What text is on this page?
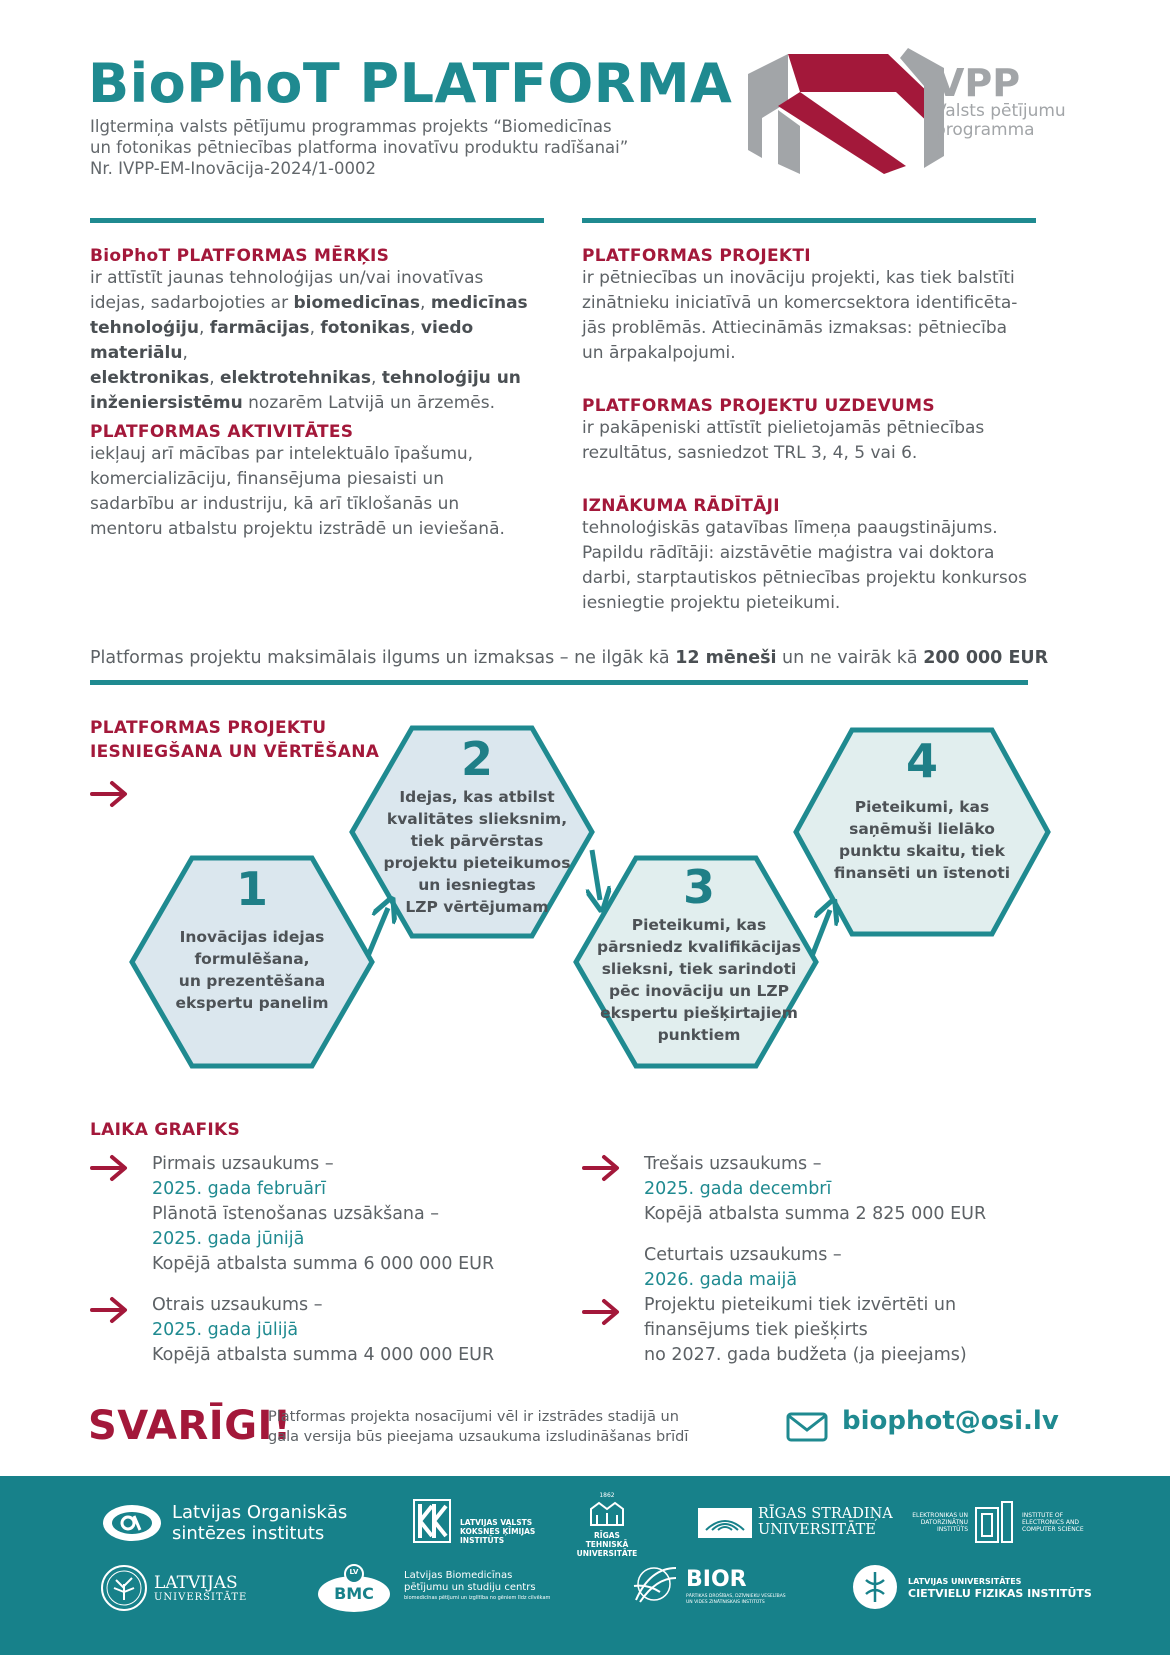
BioPhoT PLATFORMA
Ilgtermiņa valsts pētījumu programmas projekts “Biomedicīnas
un fotonikas pētniecības platforma inovatīvu produktu radīšanai”
Nr. IVPP-EM-Inovācija-2024/1-0002
VPP
Valsts pētījumu
programma
BioPhoT PLATFORMAS MĒRĶIS
ir attīstīt jaunas tehnoloģijas un/vai inovatīvas
idejas, sadarbojoties ar biomedicīnas, medicīnas
tehnoloģiju, farmācijas, fotonikas, viedo materiālu,
elektronikas, elektrotehnikas, tehnoloģiju un
inženiersistēmu nozarēm Latvijā un ārzemēs.
PLATFORMAS AKTIVITĀTES
iekļauj arī mācības par intelektuālo īpašumu,
komercializāciju, finansējuma piesaisti un
sadarbību ar industriju, kā arī tīklošanās un
mentoru atbalstu projektu izstrādē un ieviešanā.
PLATFORMAS PROJEKTI
ir pētniecības un inovāciju projekti, kas tiek balstīti
zinātnieku iniciatīvā un komercsektora identificēta-
jās problēmās. Attiecināmās izmaksas: pētniecība
un ārpakalpojumi.
PLATFORMAS PROJEKTU UZDEVUMS
ir pakāpeniski attīstīt pielietojamās pētniecības
rezultātus, sasniedzot TRL 3, 4, 5 vai 6.
IZNĀKUMA RĀDĪTĀJI
tehnoloģiskās gatavības līmeņa paaugstinājums.
Papildu rādītāji: aizstāvētie maģistra vai doktora
darbi, starptautiskos pētniecības projektu konkursos
iesniegtie projektu pieteikumi.
Platformas projektu maksimālais ilgums un izmaksas – ne ilgāk kā 12 mēneši un ne vairāk kā 200 000 EUR
PLATFORMAS PROJEKTU
IESNIEGŠANA UN VĒRTĒŠANA
1
Inovācijas idejas
formulēšana,
un prezentēšana
ekspertu panelim
2
Idejas, kas atbilst
kvalitātes slieksnim,
tiek pārvērstas
projektu pieteikumos
un iesniegtas
LZP vērtējumam	3
Pieteikumi, kas
pārsniedz kvalifikācijas
slieksni, tiek sarindoti
pēc inovāciju un LZP
ekspertu piešķirtajiem
punktiem
4
Pieteikumi, kas
saņēmuši lielāko
punktu skaitu, tiek
finansēti un īstenoti
LAIKA GRAFIKS
Pirmais uzsaukums –
2025. gada februārī
Plānotā īstenošanas uzsākšana –
2025. gada jūnijā
Kopējā atbalsta summa 6 000 000 EUR
Otrais uzsaukums –
2025. gada jūlijā
Kopējā atbalsta summa 4 000 000 EUR
Trešais uzsaukums –
2025. gada decembrī
Kopējā atbalsta summa 2 825 000 EUR
Ceturtais uzsaukums –
2026. gada maijā
Projektu pieteikumi tiek izvērtēti un
finansējums tiek piešķirts
no 2027. gada budžeta (ja pieejams)
SVARĪGI!
Platformas projekta nosacījumi vēl ir izstrādes stadijā un
gala versija būs pieejama uzsaukuma izsludināšanas brīdī
biophot@osi.lv
Latvijas Organiskās
sintēzes instituts
LATVIJAS VALSTS
KOKSNES ĶĪMIJAS
INSTITŪTS
1862
RĪGAS TEHNISKĀ
UNIVERSITĀTE
RĪGAS STRADIŅA
UNIVERSITĀTE
ELEKTRONIKAS UN
DATORZINĀTŅU
INSTITŪTS
INSTITUTE OF
ELECTRONICS AND
COMPUTER SCIENCE
LATVIJAS
UNIVERSITĀTE
LV
BMC
Latvijas Biomedicīnas
pētījumu un studiju centrs
biomedicīnas pētījumi un izglītība no gēniem līdz cilvēkam
BIOR
PĀRTIKAS DROŠĪBAS, DZĪVNIEKU VESELĪBAS
UN VIDES ZINĀTNISKAIS INSTITŪTS
LATVIJAS UNIVERSITĀTES
CIETVIELU FIZIKAS INSTITŪTS
